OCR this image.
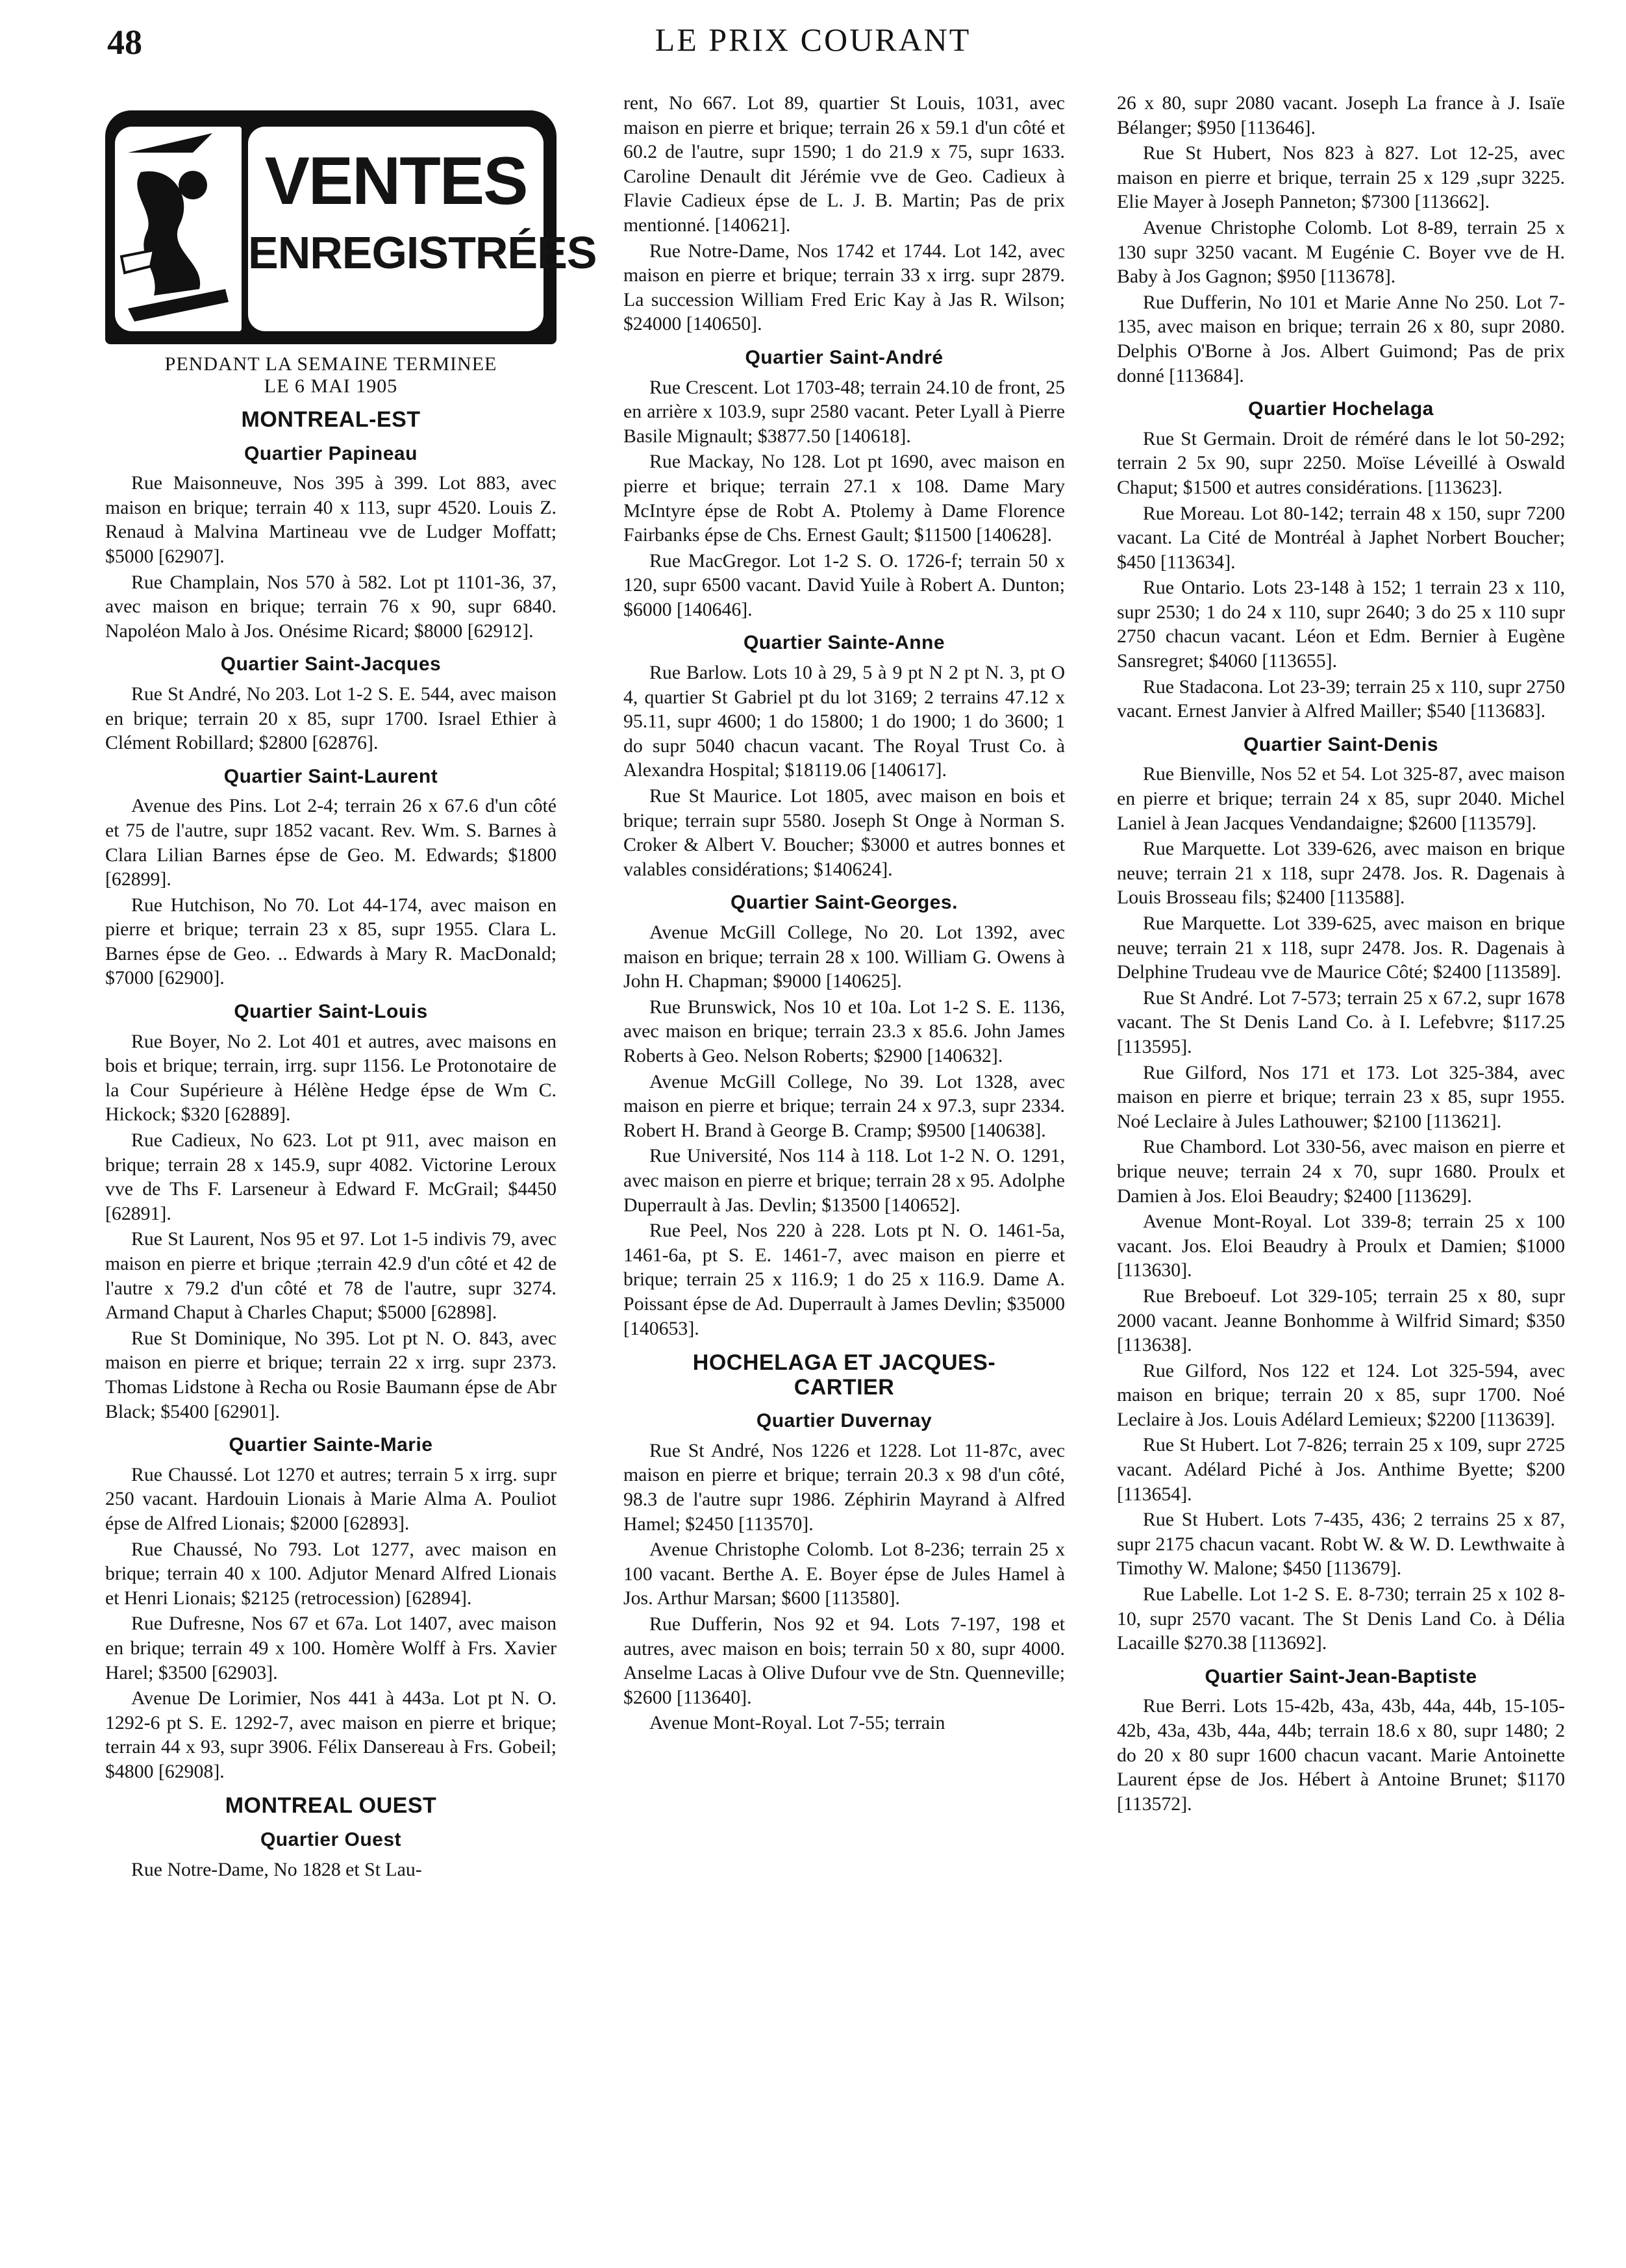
48	LE PRIX COURANT
VENTES
ENREGISTRÉES
PENDANT LA SEMAINE TERMINEE
LE 6 MAI 1905
MONTREAL-EST
Quartier Papineau

Rue Maisonneuve, Nos 395 à 399. Lot 883, avec maison en brique; terrain 40 x 113, supr 4520. Louis Z. Renaud à Malvina Martineau vve de Ludger Moffatt; $5000 [62907].

Rue Champlain, Nos 570 à 582. Lot pt 1101-36, 37, avec maison en brique; terrain 76 x 90, supr 6840. Napoléon Malo à Jos. Onésime Ricard; $8000 [62912].

Quartier Saint-Jacques

Rue St André, No 203. Lot 1-2 S. E. 544, avec maison en brique; terrain 20 x 85, supr 1700. Israel Ethier à Clément Robillard; $2800 [62876].

Quartier Saint-Laurent

Avenue des Pins. Lot 2-4; terrain 26 x 67.6 d'un côté et 75 de l'autre, supr 1852 vacant. Rev. Wm. S. Barnes à Clara Lilian Barnes épse de Geo. M. Edwards; $1800 [62899].

Rue Hutchison, No 70. Lot 44-174, avec maison en pierre et brique; terrain 23 x 85, supr 1955. Clara L. Barnes épse de Geo. .. Edwards à Mary R. MacDonald; $7000 [62900].

Quartier Saint-Louis

Rue Boyer, No 2. Lot 401 et autres, avec maisons en bois et brique; terrain, irrg. supr 1156. Le Protonotaire de la Cour Supérieure à Hélène Hedge épse de Wm C. Hickock; $320 [62889].

Rue Cadieux, No 623. Lot pt 911, avec maison en brique; terrain 28 x 145.9, supr 4082. Victorine Leroux vve de Ths F. Larseneur à Edward F. McGrail; $4450 [62891].

Rue St Laurent, Nos 95 et 97. Lot 1-5 indivis 79, avec maison en pierre et brique ;terrain 42.9 d'un côté et 42 de l'autre x 79.2 d'un côté et 78 de l'autre, supr 3274. Armand Chaput à Charles Chaput; $5000 [62898].

Rue St Dominique, No 395. Lot pt N. O. 843, avec maison en pierre et brique; terrain 22 x irrg. supr 2373. Thomas Lidstone à Recha ou Rosie Baumann épse de Abr Black; $5400 [62901].

Quartier Sainte-Marie

Rue Chaussé. Lot 1270 et autres; terrain 5 x irrg. supr 250 vacant. Hardouin Lionais à Marie Alma A. Pouliot épse de Alfred Lionais; $2000 [62893].

Rue Chaussé, No 793. Lot 1277, avec maison en brique; terrain 40 x 100. Adjutor Menard Alfred Lionais et Henri Lionais; $2125 (retrocession) [62894].

Rue Dufresne, Nos 67 et 67a. Lot 1407, avec maison en brique; terrain 49 x 100. Homère Wolff à Frs. Xavier Harel; $3500 [62903].

Avenue De Lorimier, Nos 441 à 443a. Lot pt N. O. 1292-6 pt S. E. 1292-7, avec maison en pierre et brique; terrain 44 x 93, supr 3906. Félix Dansereau à Frs. Gobeil; $4800 [62908].

MONTREAL OUEST
Quartier Ouest

Rue Notre-Dame, No 1828 et St Lau-

rent, No 667. Lot 89, quartier St Louis, 1031, avec maison en pierre et brique; terrain 26 x 59.1 d'un côté et 60.2 de l'autre, supr 1590; 1 do 21.9 x 75, supr 1633. Caroline Denault dit Jérémie vve de Geo. Cadieux à Flavie Cadieux épse de L. J. B. Martin; Pas de prix mentionné. [140621].

Rue Notre-Dame, Nos 1742 et 1744. Lot 142, avec maison en pierre et brique; terrain 33 x irrg. supr 2879. La succession William Fred Eric Kay à Jas R. Wilson; $24000 [140650].

Quartier Saint-André

Rue Crescent. Lot 1703-48; terrain 24.10 de front, 25 en arrière x 103.9, supr 2580 vacant. Peter Lyall à Pierre Basile Mignault; $3877.50 [140618].

Rue Mackay, No 128. Lot pt 1690, avec maison en pierre et brique; terrain 27.1 x 108. Dame Mary McIntyre épse de Robt A. Ptolemy à Dame Florence Fairbanks épse de Chs. Ernest Gault; $11500 [140628].

Rue MacGregor. Lot 1-2 S. O. 1726-f; terrain 50 x 120, supr 6500 vacant. David Yuile à Robert A. Dunton; $6000 [140646].

Quartier Sainte-Anne

Rue Barlow. Lots 10 à 29, 5 à 9 pt N 2 pt N. 3, pt O 4, quartier St Gabriel pt du lot 3169; 2 terrains 47.12 x 95.11, supr 4600; 1 do 15800; 1 do 1900; 1 do 3600; 1 do supr 5040 chacun vacant. The Royal Trust Co. à Alexandra Hospital; $18119.06 [140617].

Rue St Maurice. Lot 1805, avec maison en bois et brique; terrain supr 5580. Joseph St Onge à Norman S. Croker & Albert V. Boucher; $3000 et autres bonnes et valables considérations; $140624].

Quartier Saint-Georges.

Avenue McGill College, No 20. Lot 1392, avec maison en brique; terrain 28 x 100. William G. Owens à John H. Chapman; $9000 [140625].

Rue Brunswick, Nos 10 et 10a. Lot 1-2 S. E. 1136, avec maison en brique; terrain 23.3 x 85.6. John James Roberts à Geo. Nelson Roberts; $2900 [140632].

Avenue McGill College, No 39. Lot 1328, avec maison en pierre et brique; terrain 24 x 97.3, supr 2334. Robert H. Brand à George B. Cramp; $9500 [140638].

Rue Université, Nos 114 à 118. Lot 1-2 N. O. 1291, avec maison en pierre et brique; terrain 28 x 95. Adolphe Duperrault à Jas. Devlin; $13500 [140652].

Rue Peel, Nos 220 à 228. Lots pt N. O. 1461-5a, 1461-6a, pt S. E. 1461-7, avec maison en pierre et brique; terrain 25 x 116.9; 1 do 25 x 116.9. Dame A. Poissant épse de Ad. Duperrault à James Devlin; $35000 [140653].

HOCHELAGA ET JACQUES-
CARTIER
Quartier Duvernay

Rue St André, Nos 1226 et 1228. Lot 11-87c, avec maison en pierre et brique; terrain 20.3 x 98 d'un côté, 98.3 de l'autre supr 1986. Zéphirin Mayrand à Alfred Hamel; $2450 [113570].

Avenue Christophe Colomb. Lot 8-236; terrain 25 x 100 vacant. Berthe A. E. Boyer épse de Jules Hamel à Jos. Arthur Marsan; $600 [113580].

Rue Dufferin, Nos 92 et 94. Lots 7-197, 198 et autres, avec maison en bois; terrain 50 x 80, supr 4000. Anselme Lacas à Olive Dufour vve de Stn. Quenneville; $2600 [113640].

Avenue Mont-Royal. Lot 7-55; terrain

26 x 80, supr 2080 vacant. Joseph La france à J. Isaïe Bélanger; $950 [113646].

Rue St Hubert, Nos 823 à 827. Lot 12-25, avec maison en pierre et brique, terrain 25 x 129 ,supr 3225. Elie Mayer à Joseph Panneton; $7300 [113662].

Avenue Christophe Colomb. Lot 8-89, terrain 25 x 130 supr 3250 vacant. M Eugénie C. Boyer vve de H. Baby à Jos Gagnon; $950 [113678].

Rue Dufferin, No 101 et Marie Anne No 250. Lot 7-135, avec maison en brique; terrain 26 x 80, supr 2080. Delphis O'Borne à Jos. Albert Guimond; Pas de prix donné [113684].

Quartier Hochelaga

Rue St Germain. Droit de réméré dans le lot 50-292; terrain 2 5x 90, supr 2250. Moïse Léveillé à Oswald Chaput; $1500 et autres considérations. [113623].

Rue Moreau. Lot 80-142; terrain 48 x 150, supr 7200 vacant. La Cité de Montréal à Japhet Norbert Boucher; $450 [113634].

Rue Ontario. Lots 23-148 à 152; 1 terrain 23 x 110, supr 2530; 1 do 24 x 110, supr 2640; 3 do 25 x 110 supr 2750 chacun vacant. Léon et Edm. Bernier à Eugène Sansregret; $4060 [113655].

Rue Stadacona. Lot 23-39; terrain 25 x 110, supr 2750 vacant. Ernest Janvier à Alfred Mailler; $540 [113683].

Quartier Saint-Denis

Rue Bienville, Nos 52 et 54. Lot 325-87, avec maison en pierre et brique; terrain 24 x 85, supr 2040. Michel Laniel à Jean Jacques Vendandaigne; $2600 [113579].

Rue Marquette. Lot 339-626, avec maison en brique neuve; terrain 21 x 118, supr 2478. Jos. R. Dagenais à Louis Brosseau fils; $2400 [113588].

Rue Marquette. Lot 339-625, avec maison en brique neuve; terrain 21 x 118, supr 2478. Jos. R. Dagenais à Delphine Trudeau vve de Maurice Côté; $2400 [113589].

Rue St André. Lot 7-573; terrain 25 x 67.2, supr 1678 vacant. The St Denis Land Co. à I. Lefebvre; $117.25 [113595].

Rue Gilford, Nos 171 et 173. Lot 325-384, avec maison en pierre et brique; terrain 23 x 85, supr 1955. Noé Leclaire à Jules Lathouwer; $2100 [113621].

Rue Chambord. Lot 330-56, avec maison en pierre et brique neuve; terrain 24 x 70, supr 1680. Proulx et Damien à Jos. Eloi Beaudry; $2400 [113629].

Avenue Mont-Royal. Lot 339-8; terrain 25 x 100 vacant. Jos. Eloi Beaudry à Proulx et Damien; $1000 [113630].

Rue Breboeuf. Lot 329-105; terrain 25 x 80, supr 2000 vacant. Jeanne Bonhomme à Wilfrid Simard; $350 [113638].

Rue Gilford, Nos 122 et 124. Lot 325-594, avec maison en brique; terrain 20 x 85, supr 1700. Noé Leclaire à Jos. Louis Adélard Lemieux; $2200 [113639].

Rue St Hubert. Lot 7-826; terrain 25 x 109, supr 2725 vacant. Adélard Piché à Jos. Anthime Byette; $200 [113654].

Rue St Hubert. Lots 7-435, 436; 2 terrains 25 x 87, supr 2175 chacun vacant. Robt W. & W. D. Lewthwaite à Timothy W. Malone; $450 [113679].

Rue Labelle. Lot 1-2 S. E. 8-730; terrain 25 x 102 8-10, supr 2570 vacant. The St Denis Land Co. à Délia Lacaille $270.38 [113692].

Quartier Saint-Jean-Baptiste

Rue Berri. Lots 15-42b, 43a, 43b, 44a, 44b, 15-105-42b, 43a, 43b, 44a, 44b; terrain 18.6 x 80, supr 1480; 2 do 20 x 80 supr 1600 chacun vacant. Marie Antoinette Laurent épse de Jos. Hébert à Antoine Brunet; $1170 [113572].
